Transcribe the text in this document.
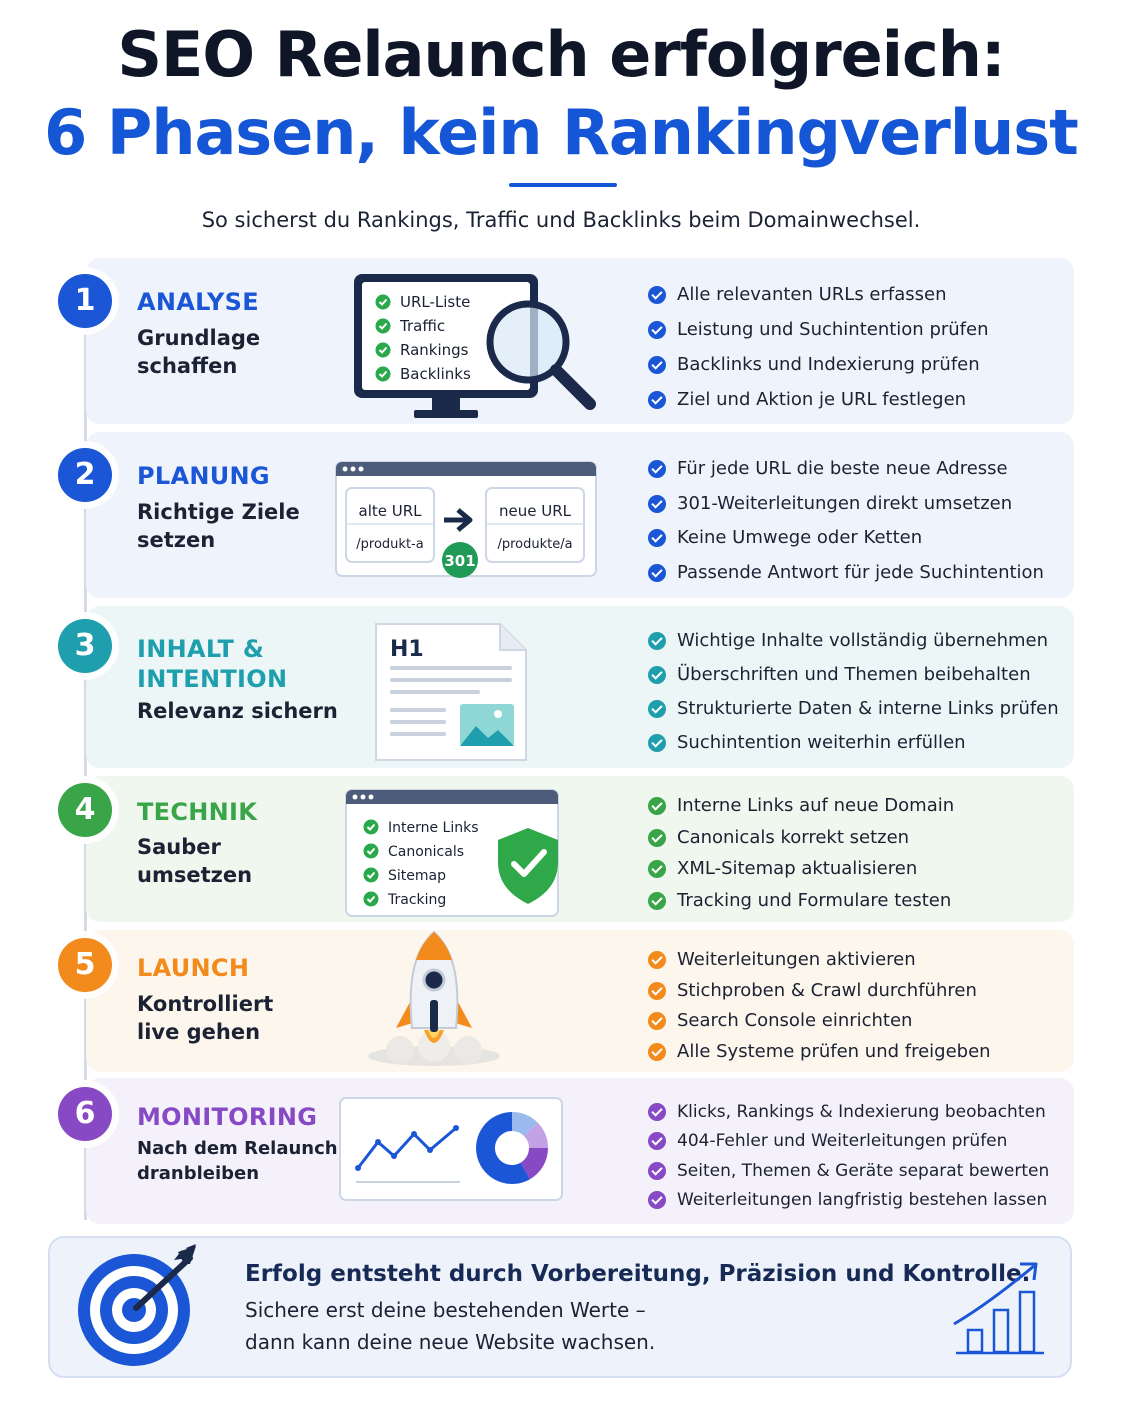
SEO Relaunch erfolgreich:
6 Phasen, kein Rankingverlust
So sicherst du Rankings, Traffic und Backlinks beim Domainwechsel.
1	ANALYSE
Grundlage
schaffen
URL-Liste
Traffic
Rankings
Backlinks
Alle relevanten URLs erfassen
Leistung und Suchintention prüfen
Backlinks und Indexierung prüfen
Ziel und Aktion je URL festlegen
2	PLANUNG
Richtige Ziele
setzen
alte URL
/produkt-a
neue URL
/produkte/a
301
Für jede URL die beste neue Adresse
301-Weiterleitungen direkt umsetzen
Keine Umwege oder Ketten
Passende Antwort für jede Suchintention
3	INHALT &
INTENTION
Relevanz sichern
H1	Wichtige Inhalte vollständig übernehmen
Überschriften und Themen beibehalten
Strukturierte Daten & interne Links prüfen
Suchintention weiterhin erfüllen
4	TECHNIK
Sauber
umsetzen
Interne Links
Canonicals
Sitemap
Tracking
Interne Links auf neue Domain
Canonicals korrekt setzen
XML-Sitemap aktualisieren
Tracking und Formulare testen
5	LAUNCH
Kontrolliert
live gehen
Weiterleitungen aktivieren
Stichproben & Crawl durchführen
Search Console einrichten
Alle Systeme prüfen und freigeben
6	MONITORING
Nach dem Relaunch
dranbleiben
Klicks, Rankings & Indexierung beobachten
404-Fehler und Weiterleitungen prüfen
Seiten, Themen & Geräte separat bewerten
Weiterleitungen langfristig bestehen lassen
Erfolg entsteht durch Vorbereitung, Präzision und Kontrolle.
Sichere erst deine bestehenden Werte –
dann kann deine neue Website wachsen.
